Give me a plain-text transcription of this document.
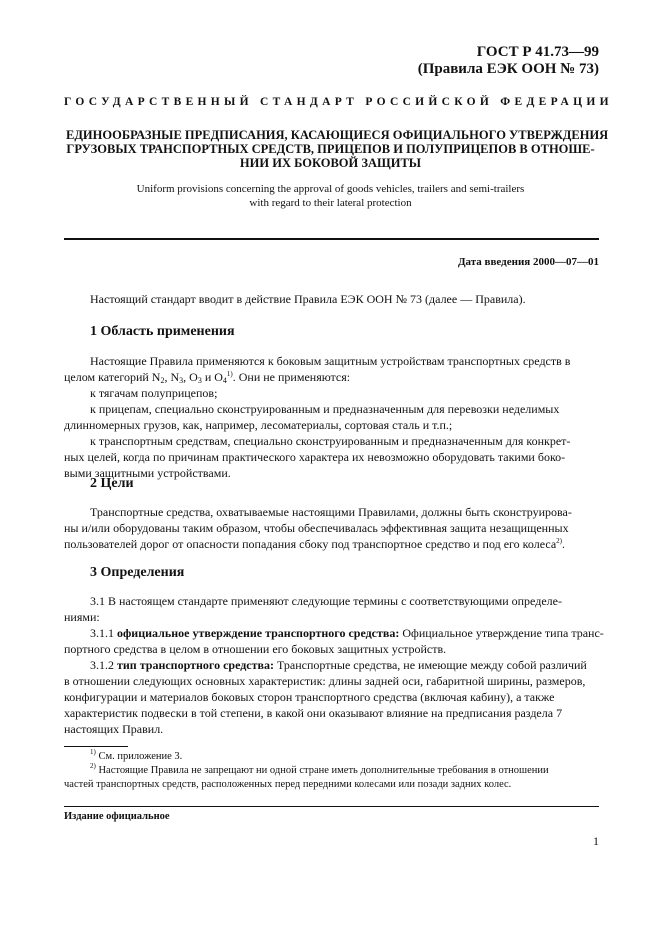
ГОСТ Р 41.73—99
(Правила ЕЭК ООН № 73)
ГОСУДАРСТВЕННЫЙ СТАНДАРТ РОССИЙСКОЙ ФЕДЕРАЦИИ
ЕДИНООБРАЗНЫЕ ПРЕДПИСАНИЯ, КАСАЮЩИЕСЯ ОФИЦИАЛЬНОГО УТВЕРЖДЕНИЯ
ГРУЗОВЫХ ТРАНСПОРТНЫХ СРЕДСТВ, ПРИЦЕПОВ И ПОЛУПРИЦЕПОВ В ОТНОШЕ-
НИИ ИХ БОКОВОЙ ЗАЩИТЫ
Uniform provisions concerning the approval of goods vehicles, trailers and semi-trailers
with regard to their lateral protection
Дата введения 2000—07—01
Настоящий стандарт вводит в действие Правила ЕЭК ООН № 73 (далее — Правила).
1 Область применения
Настоящие Правила применяются к боковым защитным устройствам транспортных средств в
целом категорий $N_2$, $N_3$, $O_3$ и $O_4^{1)}$. Они не применяются:
к тягачам полуприцепов;
к прицепам, специально сконструированным и предназначенным для перевозки неделимых
длинномерных грузов, как, например, лесоматериалы, сортовая сталь и т.п.;
к транспортным средствам, специально сконструированным и предназначенным для конкрет-
ных целей, когда по причинам практического характера их невозможно оборудовать такими боко-
выми защитными устройствами.
2 Цели
Транспортные средства, охватываемые настоящими Правилами, должны быть сконструирова-
ны и/или оборудованы таким образом, чтобы обеспечивалась эффективная защита незащищенных
пользователей дорог от опасности попадания сбоку под транспортное средство и под его колеса$^{2)}$.
3 Определения
3.1 В настоящем стандарте применяют следующие термины с соответствующими определе-
ниями:
3.1.1 официальное утверждение транспортного средства: Официальное утверждение типа транс-
портного средства в целом в отношении его боковых защитных устройств.
3.1.2 тип транспортного средства: Транспортные средства, не имеющие между собой различий
в отношении следующих основных характеристик: длины задней оси, габаритной ширины, размеров,
конфигурации и материалов боковых сторон транспортного средства (включая кабину), а также
характеристик подвески в той степени, в какой они оказывают влияние на предписания раздела 7
настоящих Правил.
$^{1)}$ См. приложение 3.
$^{2)}$ Настоящие Правила не запрещают ни одной стране иметь дополнительные требования в отношении
частей транспортных средств, расположенных перед передними колесами или позади задних колес.
Издание официальное
1
